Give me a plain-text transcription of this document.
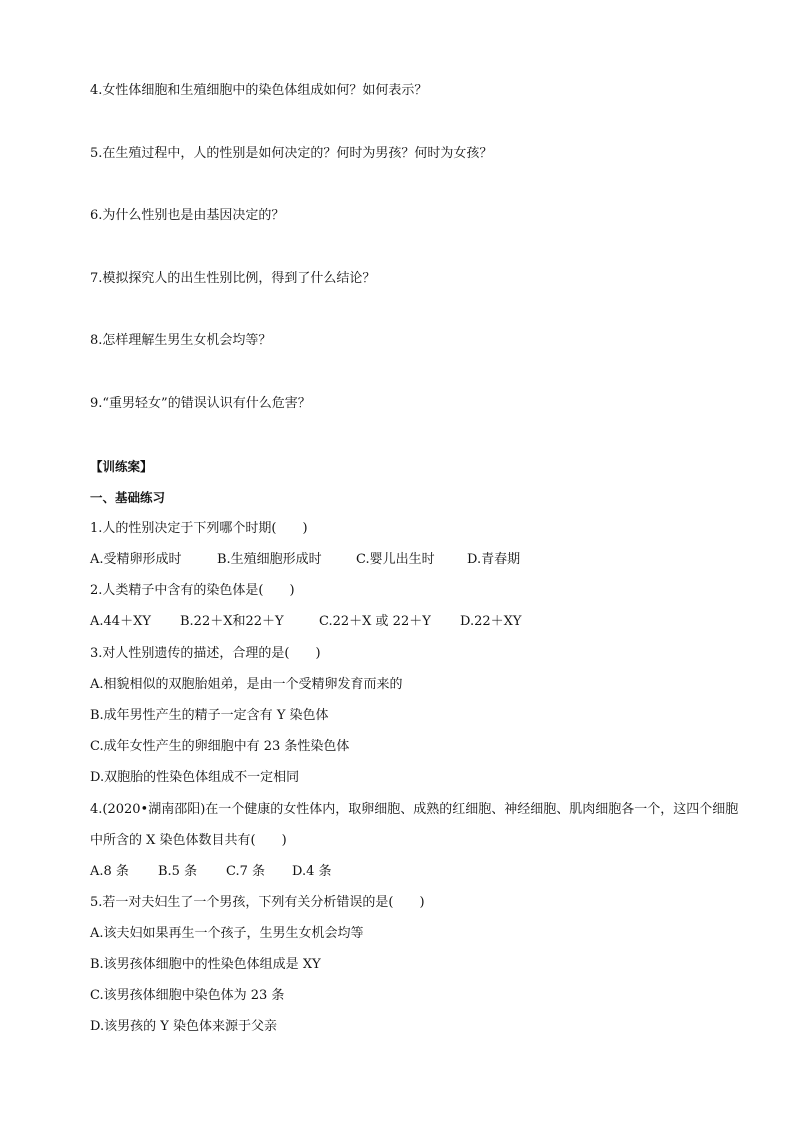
4.女性体细胞和生殖细胞中的染色体组成如何？如何表示？
5.在生殖过程中，人的性别是如何决定的？何时为男孩？何时为女孩？
6.为什么性别也是由基因决定的？
7.模拟探究人的出生性别比例，得到了什么结论？
8.怎样理解生男生女机会均等？
9.“重男轻女”的错误认识有什么危害？
【训练案】
一、基础练习
1.人的性别决定于下列哪个时期(　　)
A.受精卵形成时	B.生殖细胞形成时	C.婴儿出生时 D.青春期
2.人类精子中含有的染色体是(　　)
A.44＋XY B.22＋X和22＋Y	C.22＋X 或 22＋Y D.22＋XY
3.对人性别遗传的描述，合理的是(　　)
A.相貌相似的双胞胎姐弟，是由一个受精卵发育而来的
B.成年男性产生的精子一定含有 Y 染色体
C.成年女性产生的卵细胞中有 23 条性染色体
D.双胞胎的性染色体组成不一定相同
4.(2020•湖南邵阳)在一个健康的女性体内，取卵细胞、成熟的红细胞、神经细胞、肌肉细胞各一个，这四个细胞中所含的 X 染色体数目共有(　　)
A.8 条 B.5 条 C.7 条 D.4 条
5.若一对夫妇生了一个男孩，下列有关分析错误的是(　　)
A.该夫妇如果再生一个孩子，生男生女机会均等
B.该男孩体细胞中的性染色体组成是 XY
C.该男孩体细胞中染色体为 23 条
D.该男孩的 Y 染色体来源于父亲
